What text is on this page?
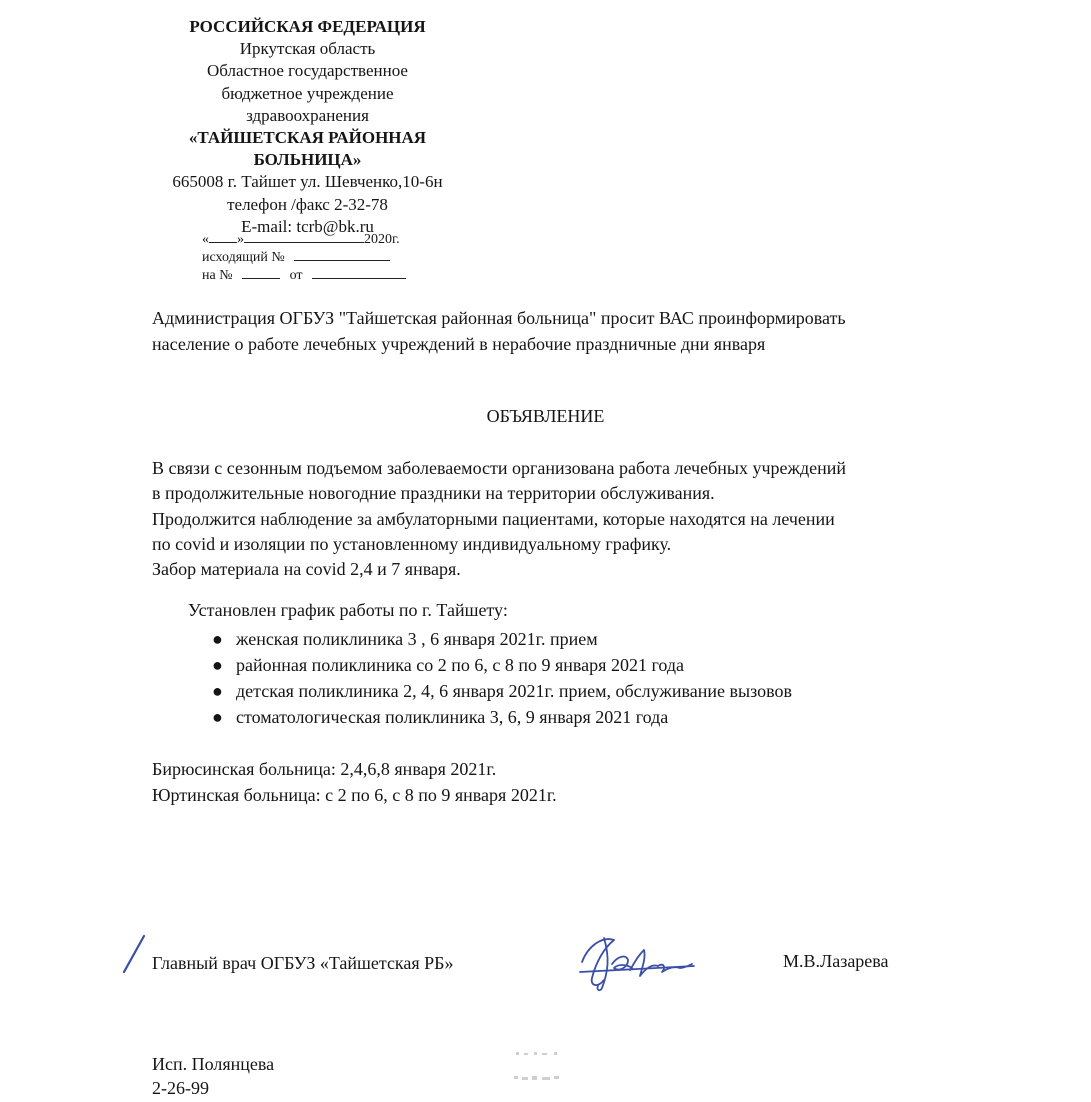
РОССИЙСКАЯ ФЕДЕРАЦИЯ
Иркутская область
Областное государственное
бюджетное учреждение
здравоохранения
«ТАЙШЕТСКАЯ РАЙОННАЯ
БОЛЬНИЦА»
665008 г. Тайшет ул. Шевченко,10-6н
телефон /факс 2-32-78
E-mail: tcrb@bk.ru
« »	2020г.
исходящий №
на №	от
Администрация ОГБУЗ "Тайшетская районная больница" просит ВАС проинформировать
население о работе лечебных учреждений в нерабочие праздничные дни января
ОБЪЯВЛЕНИЕ
В связи с сезонным подъемом заболеваемости организована работа лечебных учреждений
в продолжительные новогодние праздники на территории обслуживания.
Продолжится наблюдение за амбулаторными пациентами, которые находятся на лечении
по covid и изоляции по установленному индивидуальному графику.
Забор материала на covid 2,4 и 7 января.
Установлен график работы по г. Тайшету:
● женская поликлиника 3 , 6 января 2021г. прием
● районная поликлиника со 2 по 6, с 8 по 9 января 2021 года
● детская поликлиника 2, 4, 6 января 2021г. прием, обслуживание вызовов
● стоматологическая поликлиника 3, 6, 9 января 2021 года
Бирюсинская больница: 2,4,6,8 января 2021г.
Юртинская больница: с 2 по 6, с 8 по 9 января 2021г.
Главный врач ОГБУЗ «Тайшетская РБ»	М.В.Лазарева
Исп. Полянцева
2-26-99
